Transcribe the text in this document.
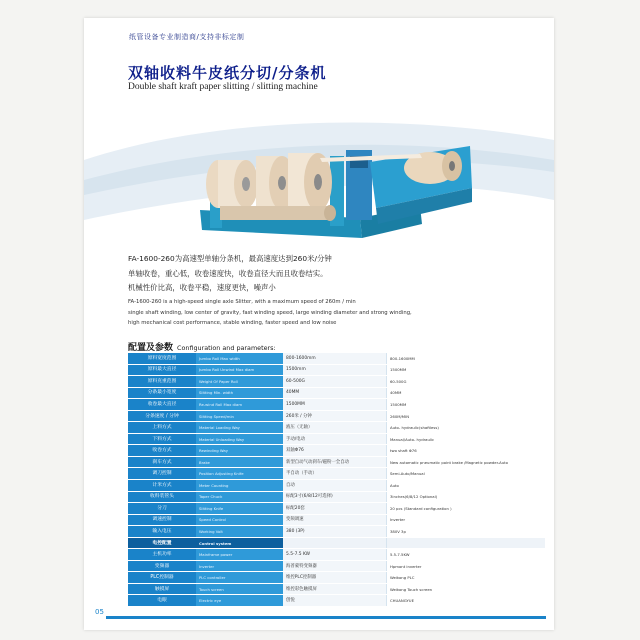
纸管设备专业制造商/支持非标定制
双轴收料牛皮纸分切/分条机
Double shaft kraft paper slitting / slitting machine
FA-1600-260为高速型单轴分条机，最高速度达到260米/分钟
单轴收卷，重心低，收卷速度快，收卷直径大而且收卷结实。
机械性价比高，收卷平稳，速度更快，噪声小
FA-1600-260 is a high-speed single axle Slitter, with a maximum speed of 260m / min
single shaft winding, low center of gravity, fast winding speed, large winding diameter and strong winding,
high mechanical cost performance, stable winding, faster speed and low noise
配置及参数 Configuration and parameters:
原料宽度范围	Jumbo Roll Max width	800-1600mm	800-1600MM
原料最大直径	Jumbo Roll Unwind Max diam	1500mm	1500MM
原料克重范围	Weight Of Paper Roll	60-500G	60-500G
分条最小宽度	Slitting Min. width	40MM	40MM
收卷最大直径	Re-wind Roll Max diam	1500MM	1500MM
分条速度 / 分钟	Slitting Speed/min	260米 / 分钟	260M/MIN
上料方式	Material Loading Way	液压（无轴）	Auto- hydraulic(shaftless)
下料方式	Material Unloading Way	手动/电动	Manual/Auto- hydraulic
收卷方式	Rewinding Way	双轴Φ76	two shaft Φ76
刹车方式	Brake	新型自动气动刹车/磁粉一全自动	New automatic pneumatic point brake /Magnetic powder-Auto
调刀控制	Position Adjusting Knife	半自动（手动）	Semi-Auto/Manual
计米方式	Meter Counting	自动	Auto
收料装管头	Taper Chuck	标配3寸(6/8/12可选择)	3inches(6/8/12 Optional)
分刀	Slitting Knife	标配20套	20 pcs (Standard configuration )
调速控制	Speed Control	变频调速	Inverter
输入电压	Working Volt	380 (3P)	380V 3p
电控配置	Control system		
主机功率	Mainframe power	5.5-7.5 KW	5.5-7.5KW
变频器	Inverter	海普蒙特变频器	Hpmont inverter
PLC控制器	PLC controller	维控PLC控制器	Weikong PLC
触摸屏	Touch screen	维控彩色触摸屏	Weikong Touch screen
电眼	Electric eye	创悦	CHUANGYUE
05
